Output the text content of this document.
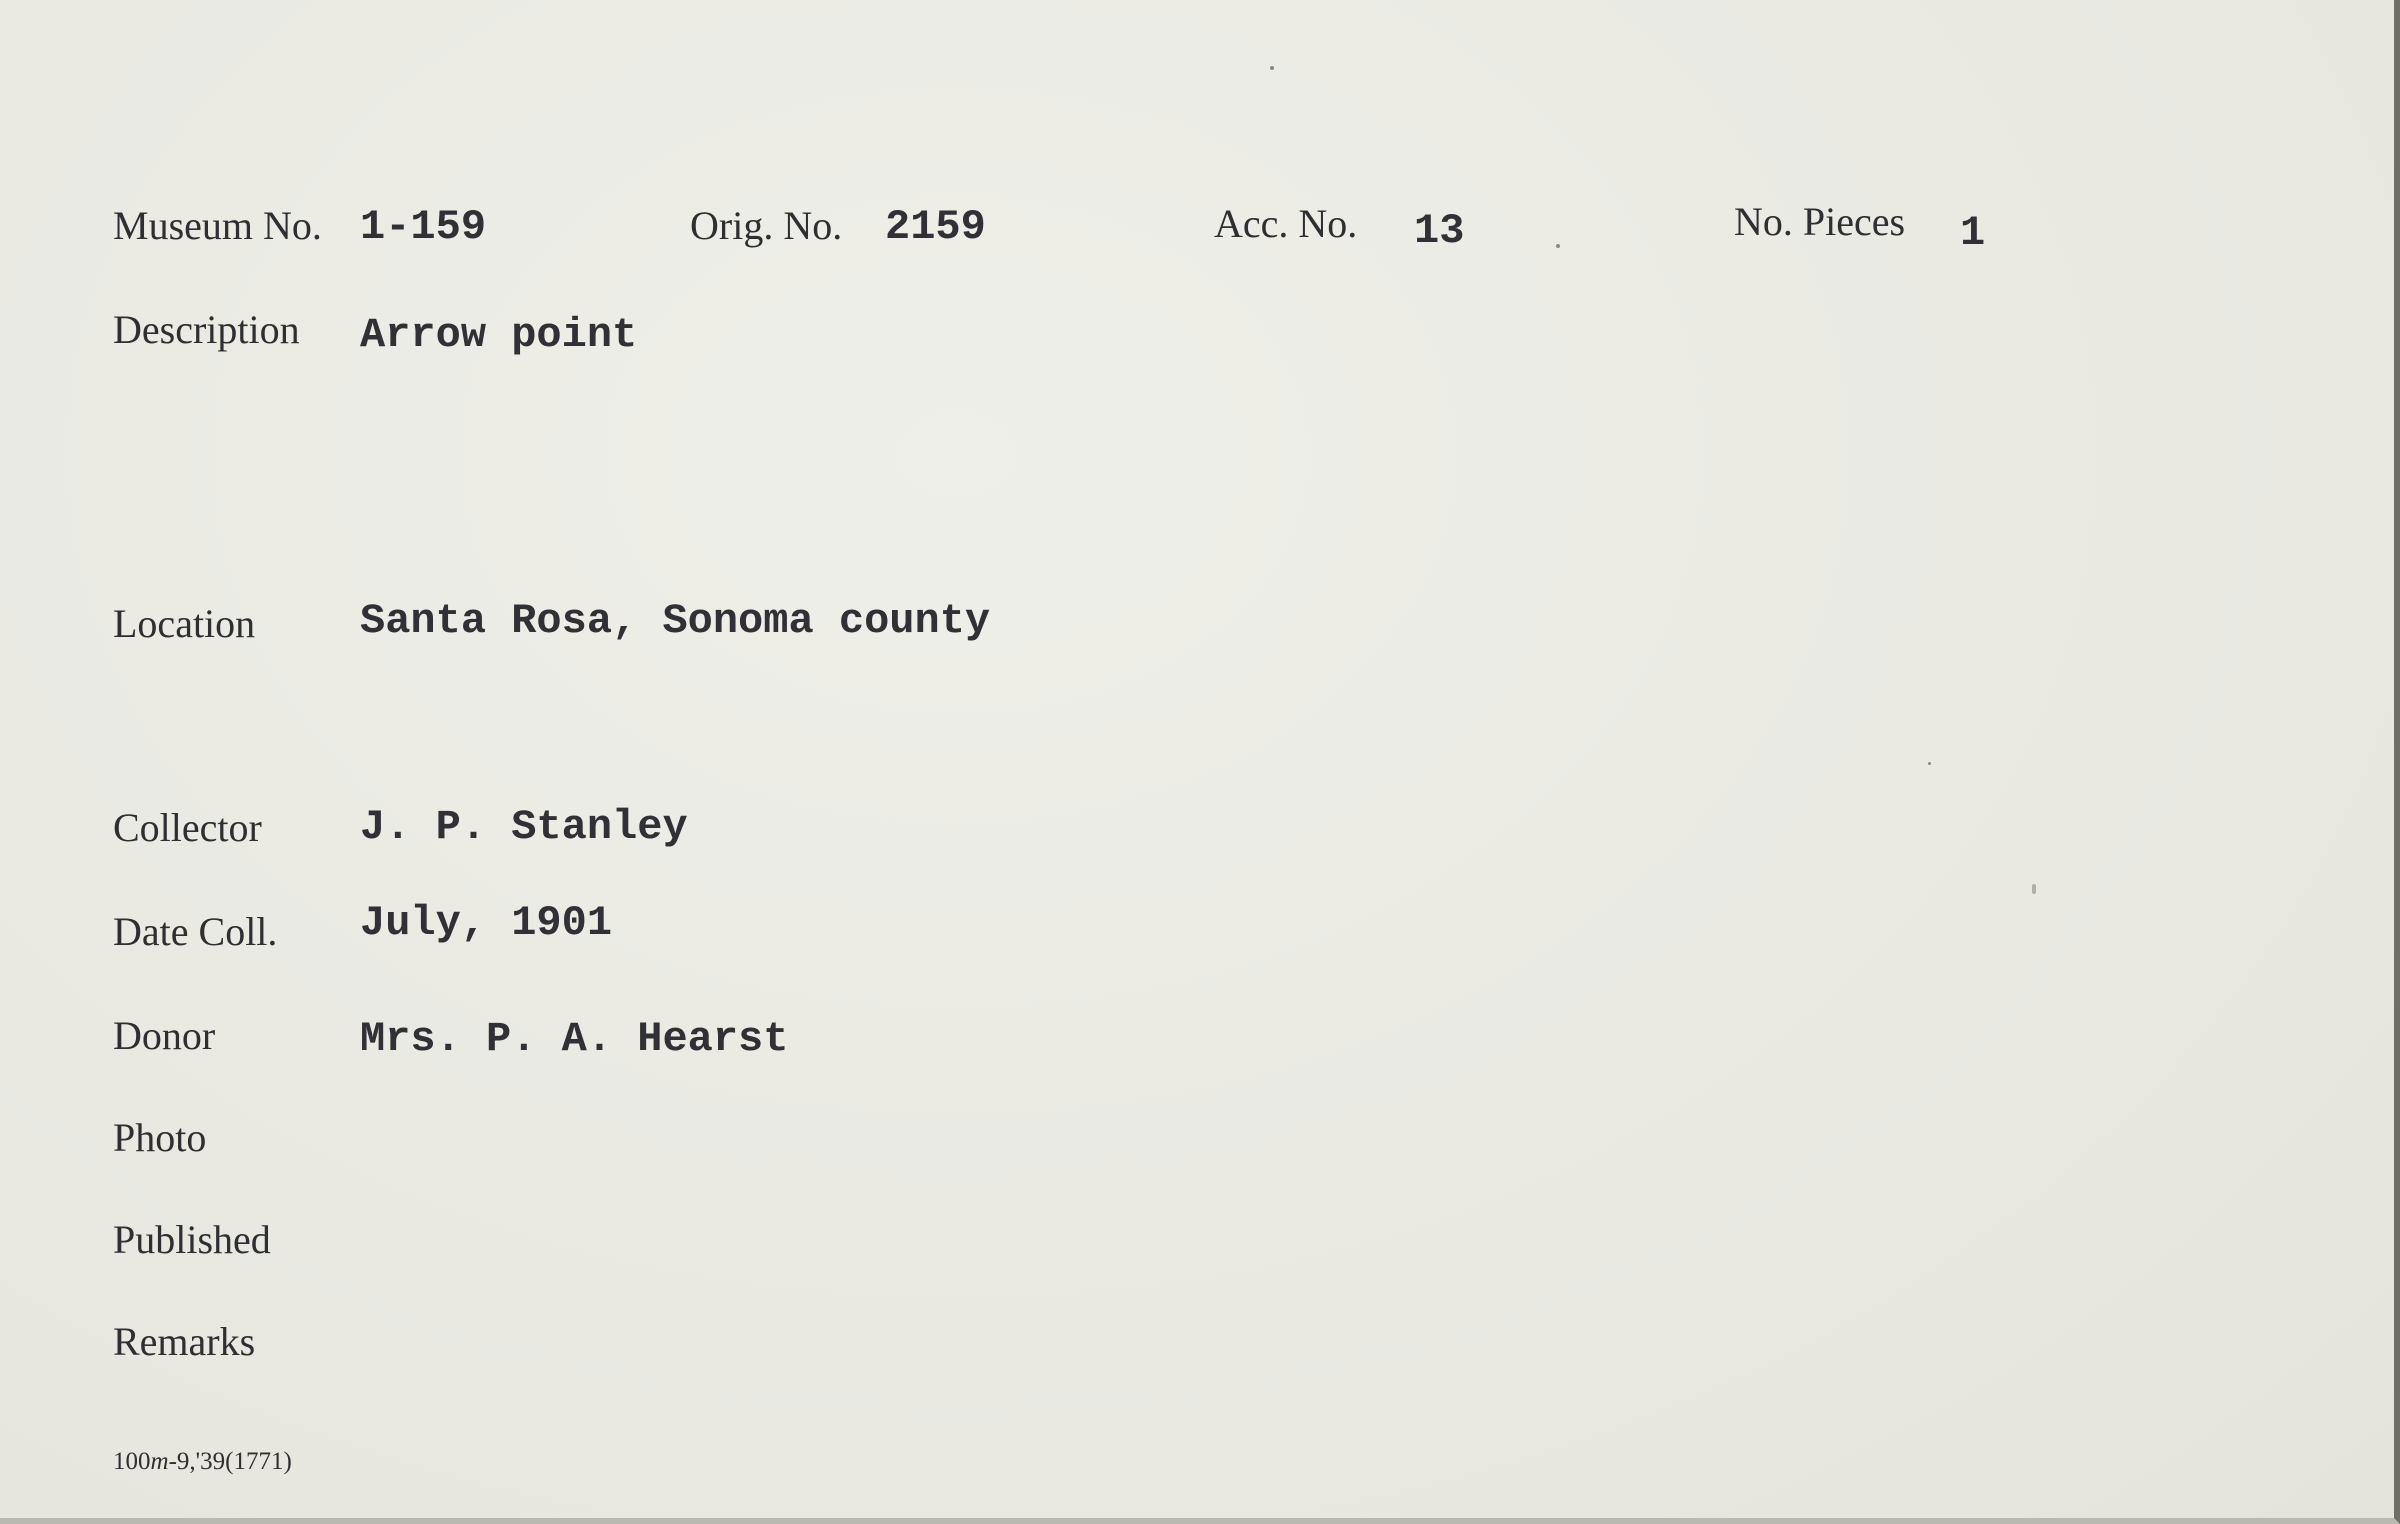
Museum No. 1-159	Orig. No. 2159	Acc. No. 13	No. Pieces 1
Description Arrow point
Location Santa Rosa, Sonoma county
Collector J. P. Stanley
Date Coll. July, 1901
Donor	Mrs. P. A. Hearst
Photo
Published
Remarks
100m-9,'39(1771)
